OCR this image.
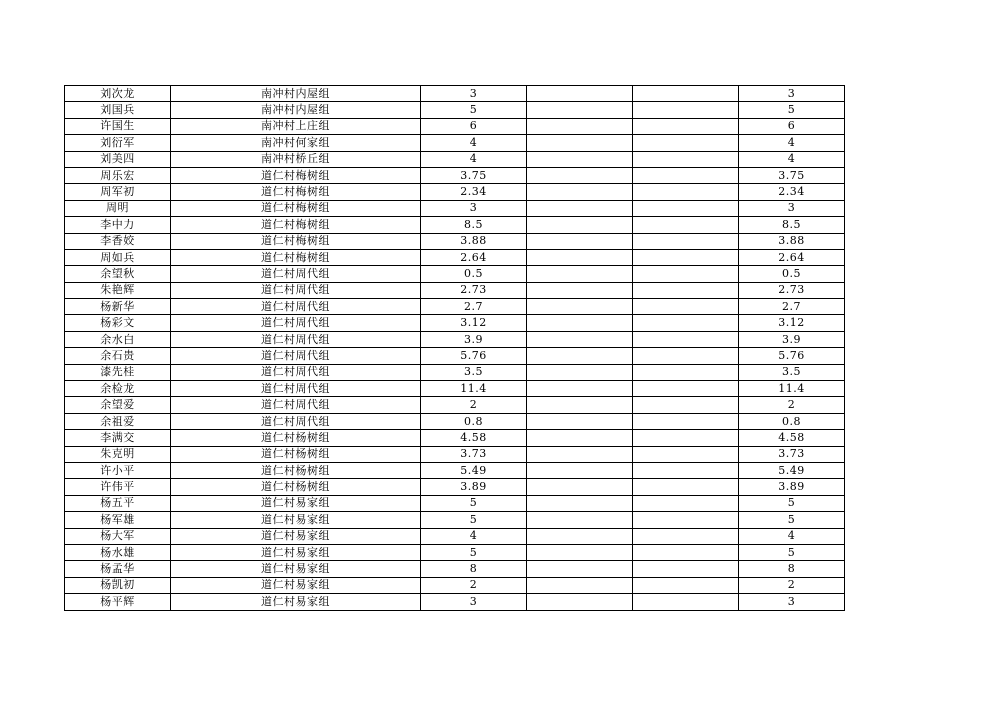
刘次龙	南冲村内屋组	3			3
刘国兵	南冲村内屋组	5			5
许国生	南冲村上庄组	6			6
刘衍军	南冲村何家组	4			4
刘美四	南冲村桥丘组	4			4
周乐宏	道仁村梅树组	3.75			3.75
周军初	道仁村梅树组	2.34			2.34
周明	道仁村梅树组	3			3
李中力	道仁村梅树组	8.5			8.5
李香姣	道仁村梅树组	3.88			3.88
周如兵	道仁村梅树组	2.64			2.64
余望秋	道仁村周代组	0.5			0.5
朱艳辉	道仁村周代组	2.73			2.73
杨新华	道仁村周代组	2.7			2.7
杨彩文	道仁村周代组	3.12			3.12
余水白	道仁村周代组	3.9			3.9
余石贵	道仁村周代组	5.76			5.76
漆先桂	道仁村周代组	3.5			3.5
余检龙	道仁村周代组	11.4			11.4
余望爱	道仁村周代组	2			2
余祖爱	道仁村周代组	0.8			0.8
李满交	道仁村杨树组	4.58			4.58
朱克明	道仁村杨树组	3.73			3.73
许小平	道仁村杨树组	5.49			5.49
许伟平	道仁村杨树组	3.89			3.89
杨五平	道仁村易家组	5			5
杨军雄	道仁村易家组	5			5
杨大军	道仁村易家组	4			4
杨水雄	道仁村易家组	5			5
杨孟华	道仁村易家组	8			8
杨凯初	道仁村易家组	2			2
杨平辉	道仁村易家组	3			3
